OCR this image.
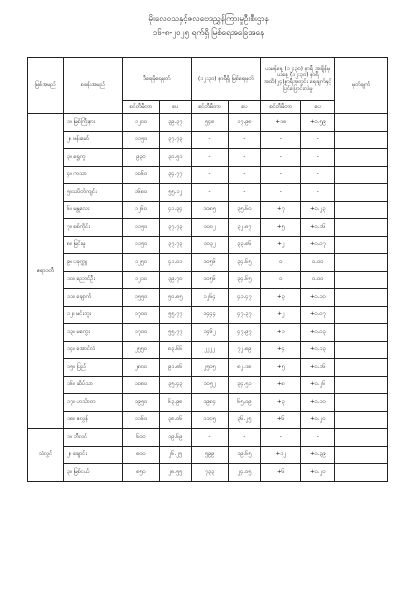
မိုးလေဝသနှင့်ဇလဗေဒညွှန်ကြားမှုဦးစီးဌာန
၁၆-၈-၂၀၂၅ ရက်ရှိ မြစ်ရေအခြေအနေ
မြစ်အမည်	စခန်းအမည်	ဒီရေမှိရေမှတ်		(၁၂:၃၀) နာရီရှိ မြစ်ရေမှတ်		ယမန်နေ့ (၁၂:၃၀) နာရီ အချိန်မှ ယနေ့ (၁၂:၃၀) နာရီအထိ(၂၄)နာရီအတွင်း ရေချက်နှင့်ပြင်ပြောင်းလဲမှု		မှတ်ချက်
		စင်တီမီတာ	ပေ	စင်တီမီတာ	ပေ	စင်တီမီတာ	ပေ	
ဧရာဝတီ	၁။ မြစ်ကြီးနား	၁၂၀၀	၃၉.၃၇	၅၄၈	၁၇.၉၈	+၁၈	+၀.၅၉	
	၂။ ဗန်းမော်	၁၁၅၀	၃၇.၇၃	-	-	-	-	
	၃။ ရွှေကူ	၉၃၀	၃၀.၅၁	-	-	-	-	
	၄။ ကသာ	၁၀၆၀	၃၄.၇၇	-	-	-	-	
	၅။သပိတ်ကျင်း	၁၆၈၀	၅၅.၁၂	-	-	-	-	
	၆။ မန္တလေး	၁၂၆၀	၄၁.၃၄	၁၀၈၅	၃၅.၆၀	+၇	+၀.၂၃	
	၇။ စစ်ကိုင်း	၁၁၅၀	၃၇.၇၃	၁၀၀၂	၃၂.၈၇	+၅	+၀.၁၆	
	၈။ မြင်းမူ	၁၁၅၀	၃၇.၇၃	၁၀၃၂	၃၃.၈၆	+၂	+၀.၀၇	
	၉။ ပခုက္ကူ	၁၂၅၀	၄၁.၀၁	၁၀၅၆	၃၄.၆၅	၀	၀.၀၀	
	၁၀။ ညောင်ဦး	၁၂၁၀	၃၉.၇၀	၁၀၅၆	၃၄.၆၅	၀	၀.၀၀	
	၁၁။ ချောက်	၁၅၅၀	၅၀.၈၅	၁၂၆၄	၄၁.၄၇	+၃	+၀.၁၀	
	၁၂။ မင်းဘူး	၁၇၀၀	၅၅.၇၇	၁၄၄၄	၄၇.၃၇	+၂	+၀.၀၇	
	၁၃။ မကွေး	၁၇၀၀	၅၅.၇၇	၁၄၆၂	၄၇.၉၇	+၁	+၀.၀၃	
	၁၄။ အောင်လံ	၂၅၅၀	၈၃.၆၆	၂၂၂၂	၇၂.၈၉	+၄	+၀.၁၃	
	၁၅။ ပြည်	၂၈၀၀	၉၁.၈၆	၂၅၀၅	၈၂.၁၈	+၅	+၀.၁၆	
	၁၆။ ဆိပ်သာ	၁၀၈၀	၃၅.၄၃	၁၀၅၂	၃၄.၅၁	+၈	+၀.၂၆	
	၁၇။ ဟင်္သာတ	၁၉၅၀	၆၃.၉၈	၁၉၈၄	၆၅.၀၉	+၃	+၀.၁၀	
	၁၈။ ဇလွန်	၁၁၆၀	၃၈.၀၆	၁၁၀၅	၃၆.၂၅	+၆	+၀.၂၀	
သံလွင်	၁။ ဘီလင်	၆၀၀	၁၉.၆၉	-	-	-	-	
	၂။ ချောင်း	၈၀၀	၂၆.၂၅	၅၉၉	၁၉.၆၅	+၁၂	+၀.၃၉	
	၃။ မြစ်ငယ်	၈၅၀	၂၈.၅၅	၇၃၃	၂၄.၀၅	+၆	+၀.၂၀	
